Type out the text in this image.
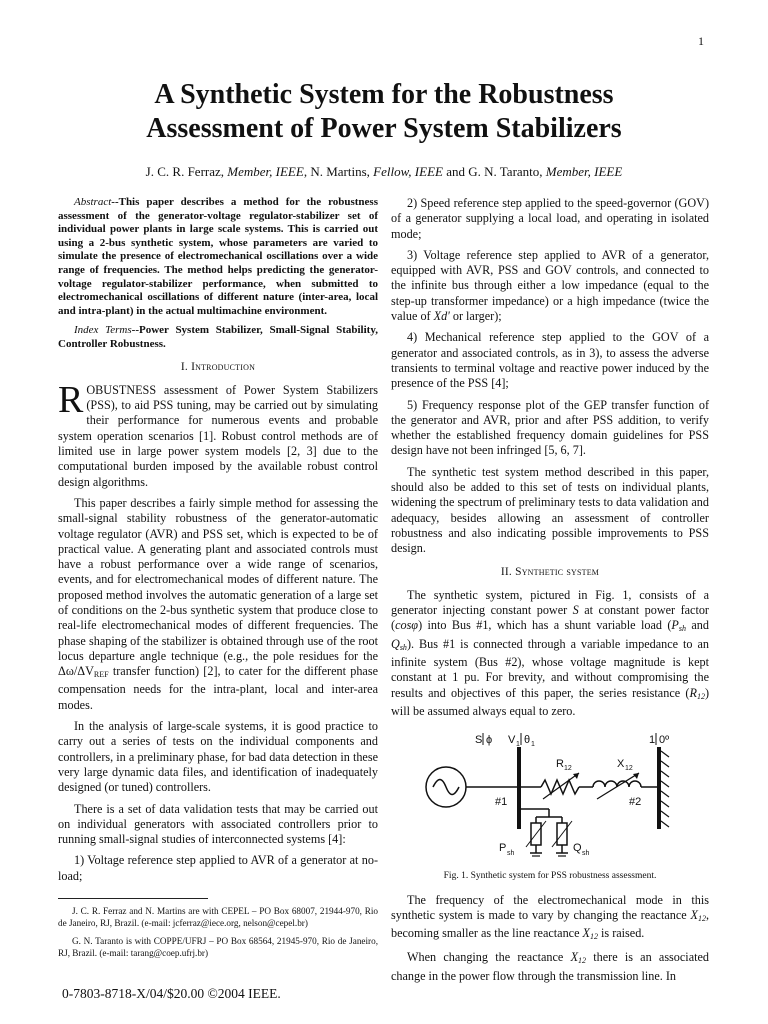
1
A Synthetic System for the Robustness
Assessment of Power System Stabilizers
J. C. R. Ferraz, Member, IEEE, N. Martins, Fellow, IEEE and G. N. Taranto, Member, IEEE

Abstract--This paper describes a method for the robustness assessment of the generator-voltage regulator-stabilizer set of individual power plants in large scale systems. This is carried out using a 2-bus synthetic system, whose parameters are varied to simulate the presence of electromechanical oscillations over a wide range of frequencies. The method helps predicting the generator-voltage regulator-stabilizer performance, when submitted to electromechanical oscillations of different nature (inter-area, local and intra-plant) in the actual multimachine environment.

Index Terms--Power System Stabilizer, Small-Signal Stability, Controller Robustness.

I. Introduction

ROBUSTNESS assessment of Power System Stabilizers (PSS), to aid PSS tuning, may be carried out by simulating their performance for numerous events and probable system operation scenarios [1]. Robust control methods are of limited use in large power system models [2, 3] due to the computational burden imposed by the available robust control design algorithms.

This paper describes a fairly simple method for assessing the small-signal stability robustness of the generator-automatic voltage regulator (AVR) and PSS set, which is expected to be of practical value. A generating plant and associated controls must have a robust performance over a wide range of scenarios, events, and for electromechanical modes of different nature. The proposed method involves the automatic generation of a large set of conditions on the 2-bus synthetic system that produce close to real-life electromechanical modes of different frequencies. The phase shaping of the stabilizer is obtained through use of the root locus departure angle technique (e.g., the pole residues for the $\Delta\omega/\Delta V_{REF}$ transfer function) [2], to cater for the different phase compensation needs for the intra-plant, local and inter-area modes.

In the analysis of large-scale systems, it is good practice to carry out a series of tests on the individual components and controllers, in a preliminary phase, for bad data detection in these very large dynamic data files, and identification of inadequately designed (or tuned) controllers.

There is a set of data validation tests that may be carried out on individual generators with associated controllers prior to running small-signal studies of interconnected systems [4]:

1) Voltage reference step applied to AVR of a generator at no-load;

J. C. R. Ferraz and N. Martins are with CEPEL – PO Box 68007, 21944-970, Rio de Janeiro, RJ, Brazil. (e-mail: jcferraz@iece.org, nelson@cepel.br)

G. N. Taranto is with COPPE/UFRJ – PO Box 68564, 21945-970, Rio de Janeiro, RJ, Brazil. (e-mail: tarang@coep.ufrj.br)

2) Speed reference step applied to the speed-governor (GOV) of a generator supplying a local load, and operating in isolated mode;

3) Voltage reference step applied to AVR of a generator, equipped with AVR, PSS and GOV controls, and connected to the infinite bus through either a low impedance (equal to the step-up transformer impedance) or a high impedance (twice the value of Xd' or larger);

4) Mechanical reference step applied to the GOV of a generator and associated controls, as in 3), to assess the adverse transients to terminal voltage and reactive power induced by the presence of the PSS [4];

5) Frequency response plot of the GEP transfer function of the generator and AVR, prior and after PSS addition, to verify whether the established frequency domain guidelines for PSS design have not been infringed [5, 6, 7].

The synthetic test system method described in this paper, should also be added to this set of tests on individual plants, widening the spectrum of preliminary tests to data validation and adequacy, besides allowing an assessment of controller robustness and also indicating possible improvements to PSS design.

II. Synthetic system

The synthetic system, pictured in Fig. 1, consists of a generator injecting constant power S at constant power factor (cosφ) into Bus #1, which has a shunt variable load ($P_{sh}$ and $Q_{sh}$). Bus #1 is connected through a variable impedance to an infinite system (Bus #2), whose voltage magnitude is kept constant at 1 pu. For brevity, and without compromising the results and objectives of this paper, the series resistance $(R_{12})$ will be assumed always equal to zero.

S ϕ V 1 θ 1
R 12	X 12
1 0º
#1	#2
P sh	Q sh
Fig. 1. Synthetic system for PSS robustness assessment.

The frequency of the electromechanical mode in this synthetic system is made to vary by changing the reactance $X_{12}$, becoming smaller as the line reactance $X_{12}$ is raised.

When changing the reactance $X_{12}$ there is an associated change in the power flow through the transmission line. In

0-7803-8718-X/04/$20.00 ©2004 IEEE.
